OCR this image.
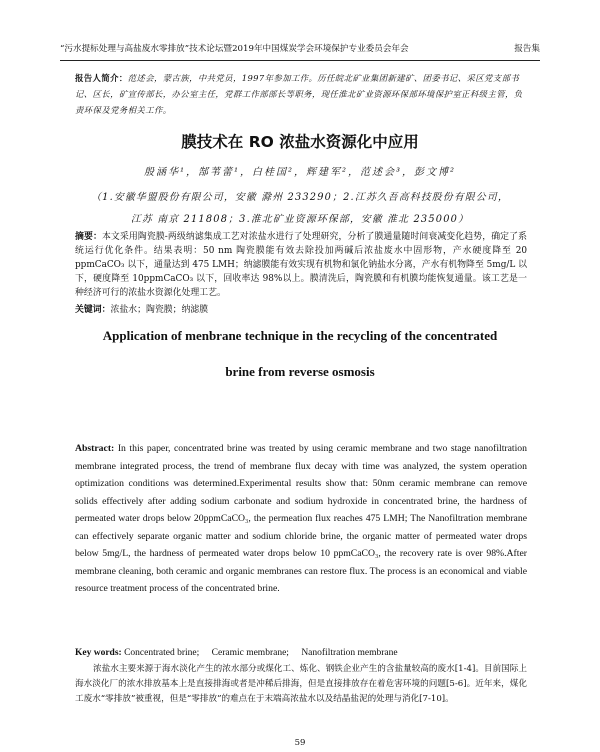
“污水提标处理与高盐废水零排放”技术论坛暨2019年中国煤炭学会环境保护专业委员会年会	报告集
报告人简介：范述会，蒙古族，中共党员，1997年参加工作。历任皖北矿业集团新建矿、团委书记、采区党支部书记、区长，矿宣传部长，办公室主任，党群工作部部长等职务，现任淮北矿业资源环保部环境保护室正科级主管，负责环保及党务相关工作。
膜技术在 RO 浓盐水资源化中应用
殷涵华¹，郜苇蕾¹，白桂国²，辉建军²，范述会³，彭文博²
（1.安徽华盟股份有限公司，安徽 滁州 233290；2.江苏久吾高科技股份有限公司，
江苏 南京 211808；3.淮北矿业资源环保部，安徽 淮北 235000）
摘要：本文采用陶瓷膜-两级纳滤集成工艺对浓盐水进行了处理研究，分析了膜通量随时间衰减变化趋势，确定了系统运行优化条件。结果表明：50 nm 陶瓷膜能有效去除投加两碱后浓盐废水中固形物，产水硬度降至 20 ppmCaCO₃ 以下，通量达到 475 LMH；纳滤膜能有效实现有机物和氯化钠盐水分离，产水有机物降至 5mg/L 以下，硬度降至 10ppmCaCO₃ 以下，回收率达 98%以上。膜清洗后，陶瓷膜和有机膜均能恢复通量。该工艺是一种经济可行的浓盐水资源化处理工艺。
关键词：浓盐水；陶瓷膜；纳滤膜
Application of menbrane technique in the recycling of the concentrated
brine from reverse osmosis
Abstract: In this paper, concentrated brine was treated by using ceramic membrane and two stage nanofiltration membrane integrated process, the trend of membrane flux decay with time was analyzed, the system operation optimization conditions was determined.Experimental results show that: 50nm ceramic membrane can remove solids effectively after adding sodium carbonate and sodium hydroxide in concentrated brine, the hardness of permeated water drops below 20ppmCaCO₃, the permeation flux reaches 475 LMH; The Nanofiltration membrane can effectively separate organic matter and sodium chloride brine, the organic matter of permeated water drops below 5mg/L, the hardness of permeated water drops below 10 ppmCaCO₃, the recovery rate is over 98%.After membrane cleaning, both ceramic and organic membranes can restore flux. The process is an economical and viable resource treatment process of the concentrated brine.
Key words: Concentrated brine; Ceramic membrane; Nanofiltration membrane
浓盐水主要来源于海水淡化产生的浓水部分或煤化工、炼化、钢铁企业产生的含盐量较高的废水[1-4]。目前国际上海水淡化厂的浓水排放基本上是直接排海或者是冲稀后排海，但是直接排放存在着危害环境的问题[5-6]。近年来，煤化工废水“零排放”被重视，但是“零排放”的难点在于末端高浓盐水以及结晶盐泥的处理与消化[7-10]。
59
